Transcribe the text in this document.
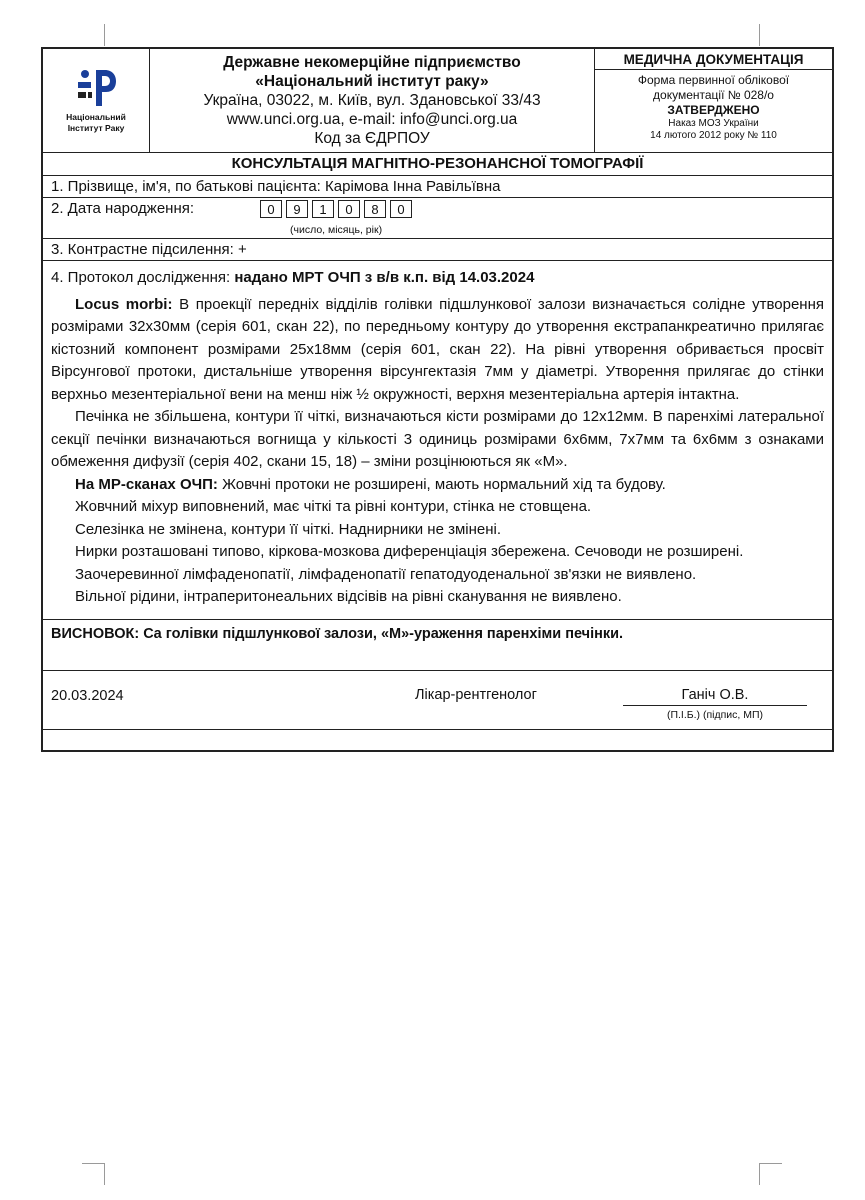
Національний
Інститут Раку
Державне некомерційне підприємство
«Національний інститут раку»
Україна, 03022, м. Київ, вул. Здановської 33/43
www.unci.org.ua, e-mail: info@unci.org.ua
Код за ЄДРПОУ
МЕДИЧНА ДОКУМЕНТАЦІЯ
Форма первинної облікової
документації № 028/о
ЗАТВЕРДЖЕНО
Наказ МОЗ України
14 лютого 2012 року № 110
КОНСУЛЬТАЦІЯ МАГНІТНО-РЕЗОНАНСНОЇ ТОМОГРАФІЇ
1. Прізвище, ім'я, по батькові пацієнта: Карімова Інна Равільївна
2. Дата народження:	0	9	1	0	8	0
(число, місяць, рік)
3. Контрастне підсилення: +
4. Протокол дослідження: надано МРТ ОЧП з в/в к.п. від 14.03.2024

Locus morbi: В проекції передніх відділів голівки підшлункової залози визначається солідне утворення розмірами 32х30мм (серія 601, скан 22), по передньому контуру до утворення екстрапанкреатично прилягає кістозний компонент розмірами 25х18мм (серія 601, скан 22). На рівні утворення обривається просвіт Вірсунгової протоки, дистальніше утворення вірсунгектазія 7мм у діаметрі. Утворення прилягає до стінки верхньо мезентеріальної вени на менш ніж ½ окружності, верхня мезентеріальна артерія інтактна.

Печінка не збільшена, контури її чіткі, визначаються кісти розмірами до 12х12мм. В паренхімі латеральної секції печінки визначаються вогнища у кількості 3 одиниць розмірами 6х6мм, 7х7мм та 6х6мм з ознаками обмеження дифузії (серія 402, скани 15, 18) – зміни розцінюються як «М».

На МР-сканах ОЧП: Жовчні протоки не розширені, мають нормальний хід та будову.

Жовчний міхур виповнений, має чіткі та рівні контури, стінка не стовщена.

Селезінка не змінена, контури її чіткі. Наднирники не змінені.

Нирки розташовані типово, кіркова-мозкова диференціація збережена. Сечоводи не розширені.

Заочеревинної лімфаденопатії, лімфаденопатії гепатодуоденальної зв'язки не виявлено.

Вільної рідини, інтраперитонеальних відсівів на рівні сканування не виявлено.

ВИСНОВОК: Ca голівки підшлункової залози, «М»-ураження паренхіми печінки.
20.03.2024	Лікар-рентгенолог	Ганіч О.В.
(П.І.Б.) (підпис, МП)
